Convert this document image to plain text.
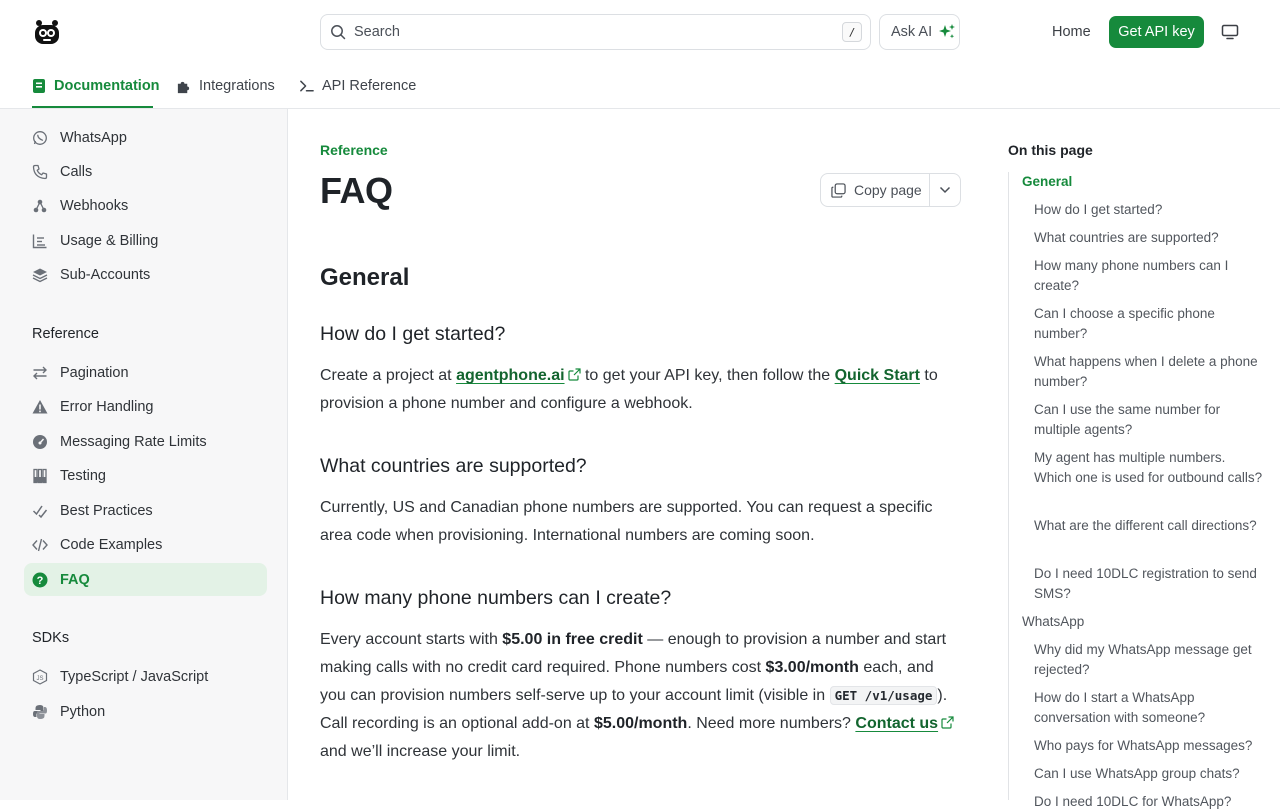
Search	/	Ask AI	Home	Get API key
Documentation	Integrations	API Reference
WhatsApp
Calls
Webhooks
Usage & Billing
Sub-Accounts
Reference
Pagination
Error Handling
Messaging Rate Limits
Testing
Best Practices
Code Examples
? FAQ
SDKs
JS TypeScript / JavaScript
Python
Reference
FAQ	Copy page
General
How do I get started?

Create a project at agentphone.ai to get your API key, then follow the Quick Start to provision a phone number and configure a webhook.

What countries are supported?

Currently, US and Canadian phone numbers are supported. You can request a specific area code when provisioning. International numbers are coming soon.

How many phone numbers can I create?

Every account starts with $5.00 in free credit — enough to provision a number and start making calls with no credit card required. Phone numbers cost $3.00/month each, and you can provision numbers self-serve up to your account limit (visible in GET /v1/usage ). Call recording is an optional add-on at $5.00/month. Need more numbers? Contact us and we’ll increase your limit.

On this page
General
How do I get started?
What countries are supported?
How many phone numbers can I create?
Can I choose a specific phone number?
What happens when I delete a phone number?
Can I use the same number for multiple agents?
My agent has multiple numbers. Which one is used for outbound calls?
What are the different call directions?
Do I need 10DLC registration to send SMS?
WhatsApp
Why did my WhatsApp message get rejected?
How do I start a WhatsApp conversation with someone?
Who pays for WhatsApp messages?
Can I use WhatsApp group chats?
Do I need 10DLC for WhatsApp?
